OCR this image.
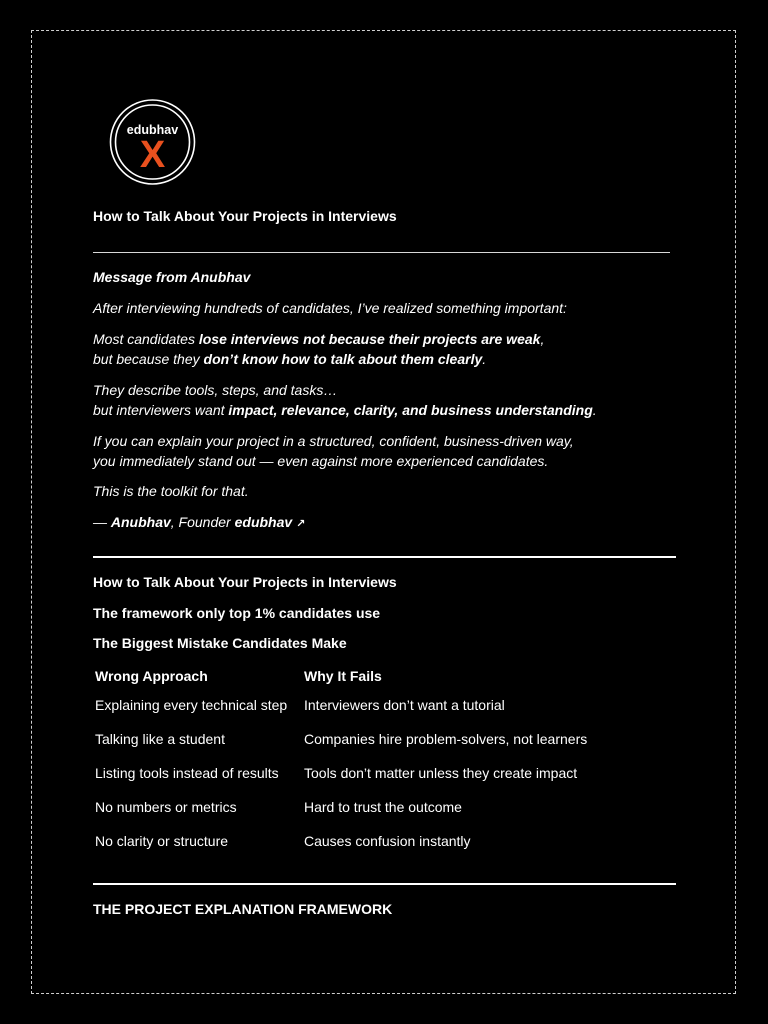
edubhav
X
How to Talk About Your Projects in Interviews
Message from Anubhav
After interviewing hundreds of candidates, I’ve realized something important:
Most candidates lose interviews not because their projects are weak,
but because they don’t know how to talk about them clearly.
They describe tools, steps, and tasks…
but interviewers want impact, relevance, clarity, and business understanding.
If you can explain your project in a structured, confident, business-driven way,
you immediately stand out — even against more experienced candidates.
This is the toolkit for that.
— Anubhav, Founder edubhav ↗
How to Talk About Your Projects in Interviews
The framework only top 1% candidates use
The Biggest Mistake Candidates Make
Wrong Approach	Why It Fails
Explaining every technical step	Interviewers don’t want a tutorial
Talking like a student	Companies hire problem-solvers, not learners
Listing tools instead of results	Tools don’t matter unless they create impact
No numbers or metrics	Hard to trust the outcome
No clarity or structure	Causes confusion instantly
THE PROJECT EXPLANATION FRAMEWORK
